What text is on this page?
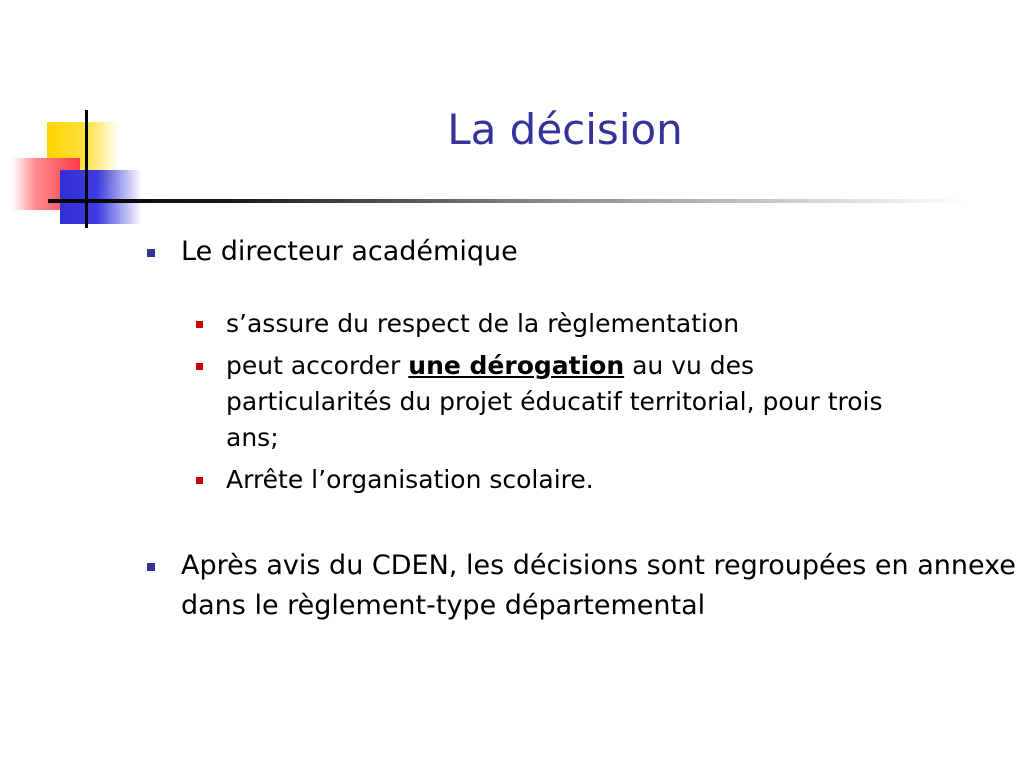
La décision
Le directeur académique
s’assure du respect de la règlementation
peut accorder une dérogation au vu des particularités du projet éducatif territorial, pour trois ans;
Arrête l’organisation scolaire.
Après avis du CDEN, les décisions sont regroupées en annexe dans le règlement-type départemental
